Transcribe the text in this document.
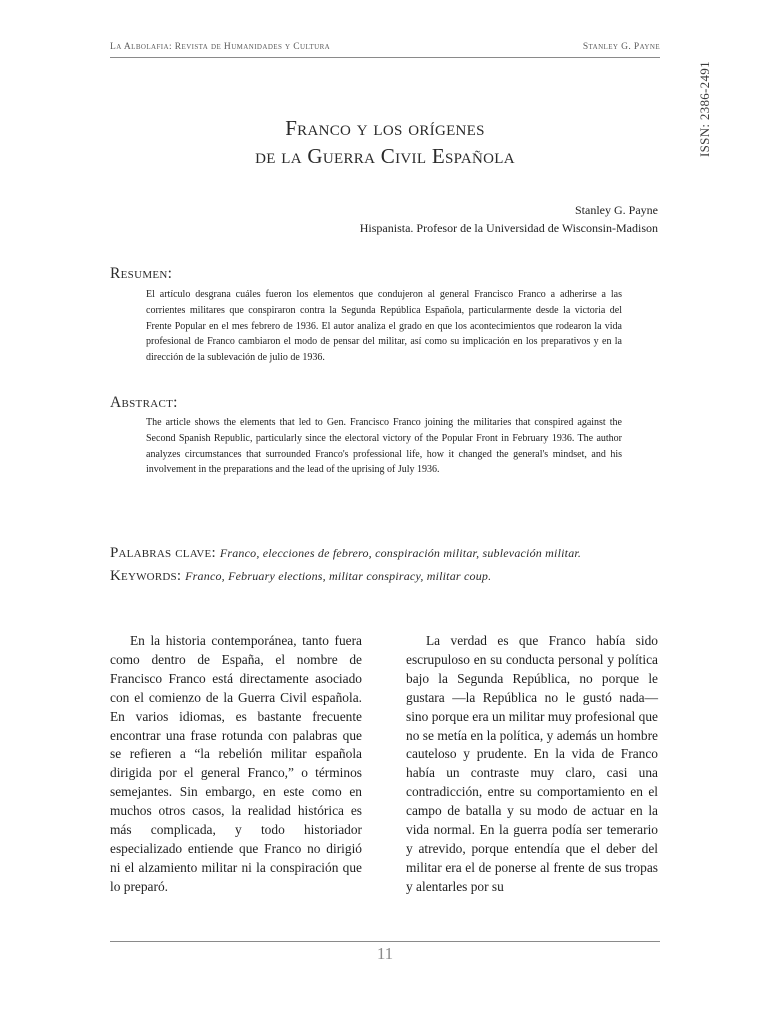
La Albolafia: Revista de Humanidades y Cultura	Stanley G. Payne
ISSN: 2386-2491
Franco y los orígenes
de la Guerra Civil Española
Stanley G. Payne
Hispanista. Profesor de la Universidad de Wisconsin-Madison
Resumen:
El artículo desgrana cuáles fueron los elementos que condujeron al general Francisco Franco a adherirse a las corrientes militares que conspiraron contra la Segunda República Española, particularmente desde la victoria del Frente Popular en el mes febrero de 1936. El autor analiza el grado en que los acontecimientos que rodearon la vida profesional de Franco cambiaron el modo de pensar del militar, así como su implicación en los preparativos y en la dirección de la sublevación de julio de 1936.
Abstract:
The article shows the elements that led to Gen. Francisco Franco joining the militaries that conspired against the Second Spanish Republic, particularly since the electoral victory of the Popular Front in February 1936. The author analyzes circumstances that surrounded Franco's professional life, how it changed the general's mindset, and his involvement in the preparations and the lead of the uprising of July 1936.
Palabras clave: Franco, elecciones de febrero, conspiración militar, sublevación militar.
Keywords: Franco, February elections, militar conspiracy, militar coup.
En la historia contemporánea, tanto fuera como dentro de España, el nombre de Francisco Franco está directamente asociado con el comienzo de la Guerra Civil española. En varios idiomas, es bastante frecuente encontrar una frase rotunda con palabras que se refieren a “la rebelión militar española dirigida por el general Franco,” o términos semejantes. Sin embargo, en este como en muchos otros casos, la realidad histórica es más complicada, y todo historiador especializado entiende que Franco no dirigió ni el alzamiento militar ni la conspiración que lo preparó.
La verdad es que Franco había sido escrupuloso en su conducta personal y política bajo la Segunda República, no porque le gustara —la República no le gustó nada— sino porque era un militar muy profesional que no se metía en la política, y además un hombre cauteloso y prudente. En la vida de Franco había un contraste muy claro, casi una contradicción, entre su comportamiento en el campo de batalla y su modo de actuar en la vida normal. En la guerra podía ser temerario y atrevido, porque entendía que el deber del militar era el de ponerse al frente de sus tropas y alentarles por su
11
